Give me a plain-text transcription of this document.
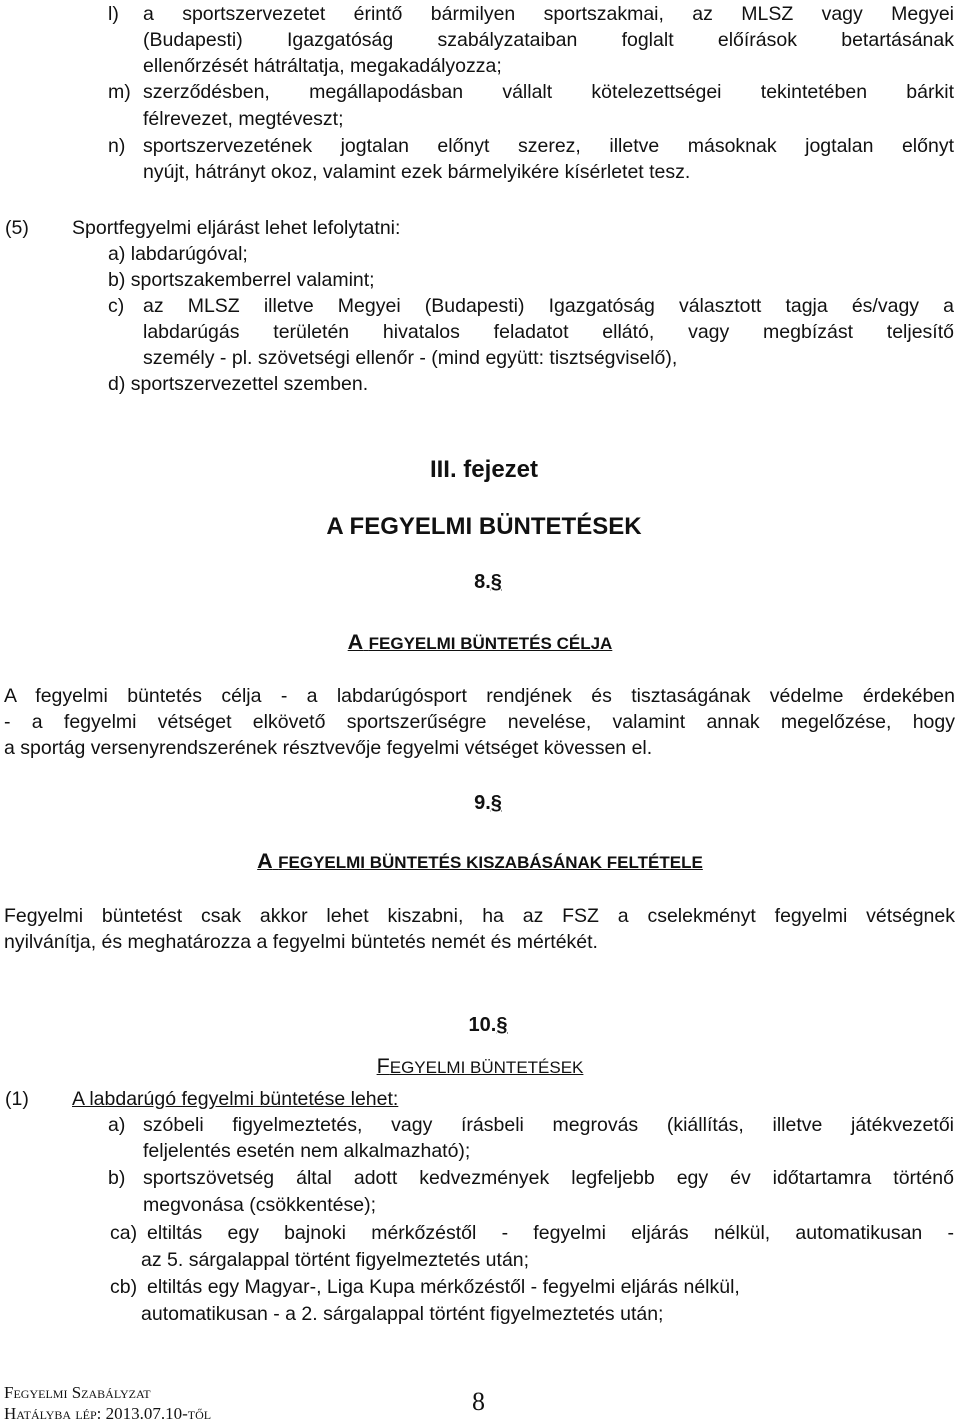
l) a sportszervezetet érintő bármilyen sportszakmai, az MLSZ vagy Megyei
(Budapesti) Igazgatóság szabályzataiban foglalt előírások betartásának
ellenőrzését hátráltatja, megakadályozza;
m) szerződésben, megállapodásban vállalt kötelezettségei tekintetében bárkit
félrevezet, megtéveszt;
n) sportszervezetének jogtalan előnyt szerez, illetve másoknak jogtalan előnyt
nyújt, hátrányt okoz, valamint ezek bármelyikére kísérletet tesz.
(5) Sportfegyelmi eljárást lehet lefolytatni:
a) labdarúgóval;
b) sportszakemberrel valamint;
c) az MLSZ illetve Megyei (Budapesti) Igazgatóság választott tagja és/vagy a
labdarúgás területén hivatalos feladatot ellátó, vagy megbízást teljesítő
személy - pl. szövetségi ellenőr - (mind együtt: tisztségviselő),
d) sportszervezettel szemben.
III. fejezet
A FEGYELMI BÜNTETÉSEK
8.§
A FEGYELMI BÜNTETÉS CÉLJA
A fegyelmi büntetés célja - a labdarúgósport rendjének és tisztaságának védelme érdekében
- a fegyelmi vétséget elkövető sportszerűségre nevelése, valamint annak megelőzése, hogy
a sportág versenyrendszerének résztvevője fegyelmi vétséget kövessen el.
9.§
A FEGYELMI BÜNTETÉS KISZABÁSÁNAK FELTÉTELE
Fegyelmi büntetést csak akkor lehet kiszabni, ha az FSZ a cselekményt fegyelmi vétségnek
nyilvánítja, és meghatározza a fegyelmi büntetés nemét és mértékét.
10.§
FEGYELMI BÜNTETÉSEK
(1) A labdarúgó fegyelmi büntetése lehet:
a) szóbeli figyelmeztetés, vagy írásbeli megrovás (kiállítás, illetve játékvezetői
feljelentés esetén nem alkalmazható);
b) sportszövetség által adott kedvezmények legfeljebb egy év időtartamra történő
megvonása (csökkentése);
ca) eltiltás egy bajnoki mérkőzéstől - fegyelmi eljárás nélkül, automatikusan -
az 5. sárgalappal történt figyelmeztetés után;
cb) eltiltás egy Magyar-, Liga Kupa mérkőzéstől - fegyelmi eljárás nélkül,
automatikusan - a 2. sárgalappal történt figyelmeztetés után;
Fegyelmi Szabályzat
Hatályba lép: 2013.07.10-től	8
